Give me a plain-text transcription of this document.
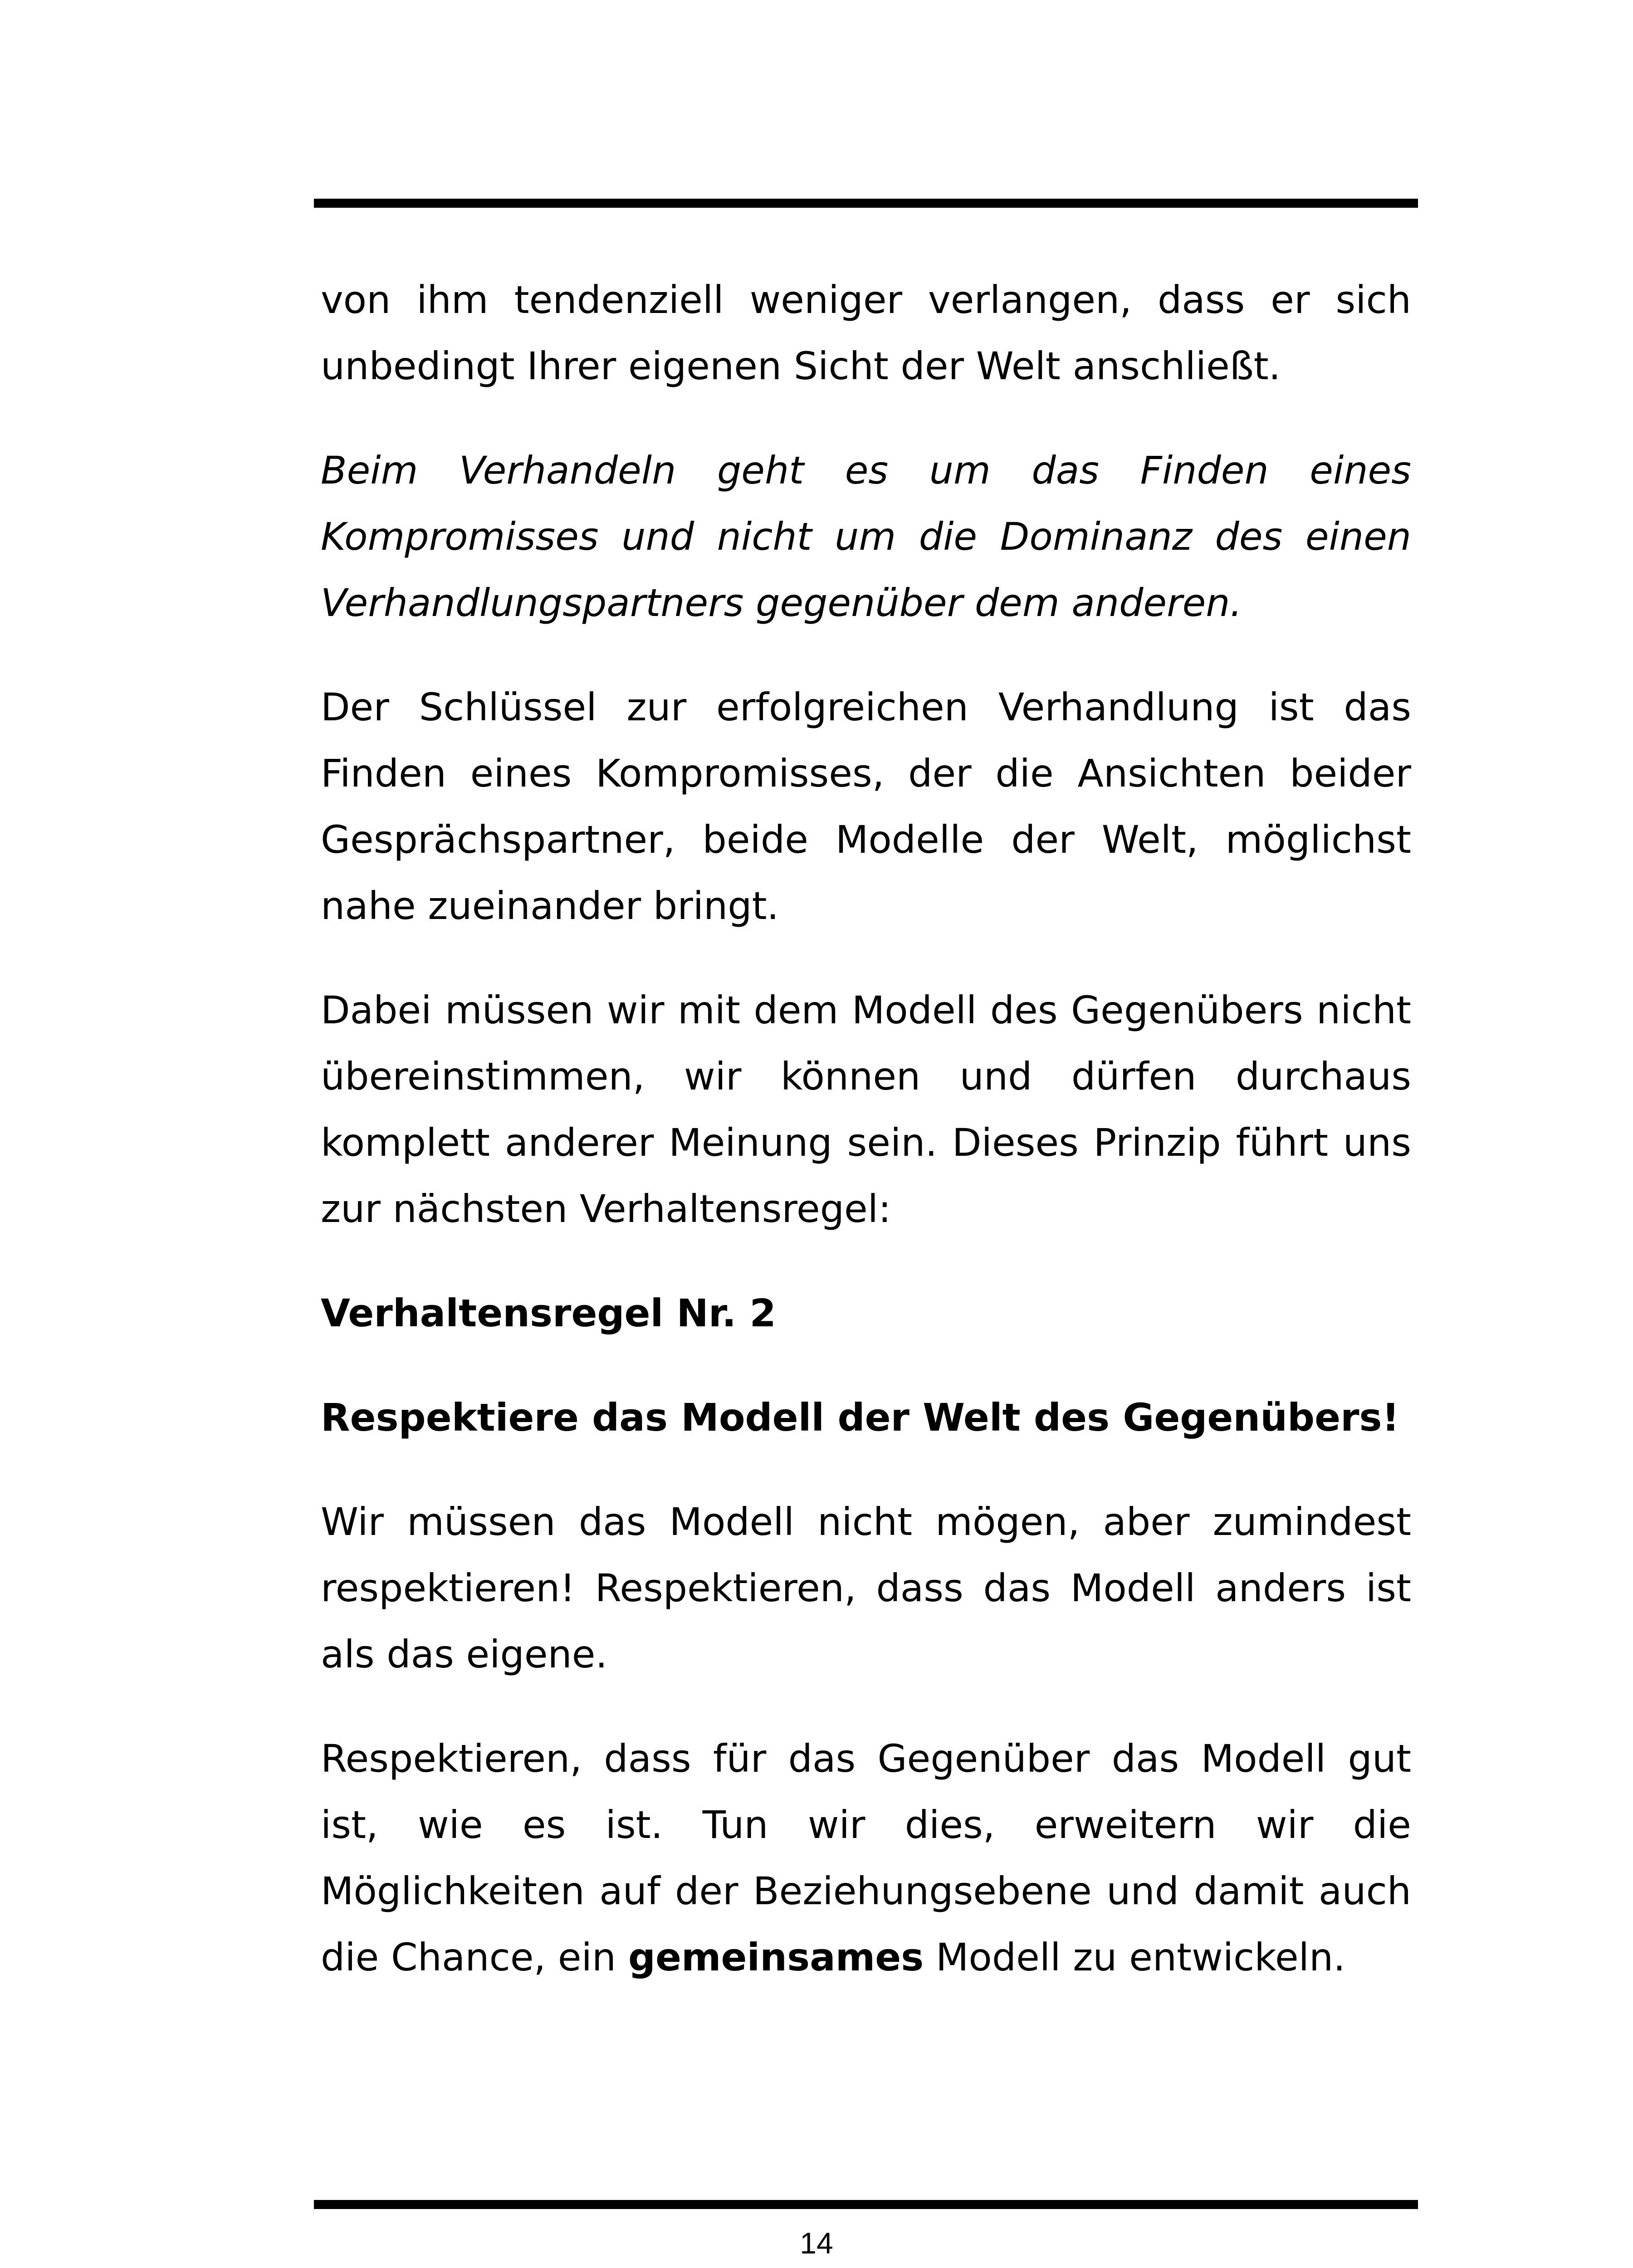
von ihm tendenziell weniger verlangen, dass er sich unbedingt Ihrer eigenen Sicht der Welt anschließt.

Beim Verhandeln geht es um das Finden eines Kompromisses und nicht um die Dominanz des einen Verhandlungspartners gegenüber dem anderen.

Der Schlüssel zur erfolgreichen Verhandlung ist das Finden eines Kompromisses, der die Ansichten beider Gesprächspartner, beide Modelle der Welt, möglichst nahe zueinander bringt.

Dabei müssen wir mit dem Modell des Gegenübers nicht übereinstimmen, wir können und dürfen durchaus komplett anderer Meinung sein. Dieses Prinzip führt uns zur nächsten Verhaltensregel:

Verhaltensregel Nr. 2

Respektiere das Modell der Welt des Gegenübers!

Wir müssen das Modell nicht mögen, aber zumindest respektieren! Respektieren, dass das Modell anders ist als das eigene.

Respektieren, dass für das Gegenüber das Modell gut ist, wie es ist. Tun wir dies, erweitern wir die Möglichkeiten auf der Beziehungsebene und damit auch die Chance, ein gemeinsames Modell zu entwickeln.

14
